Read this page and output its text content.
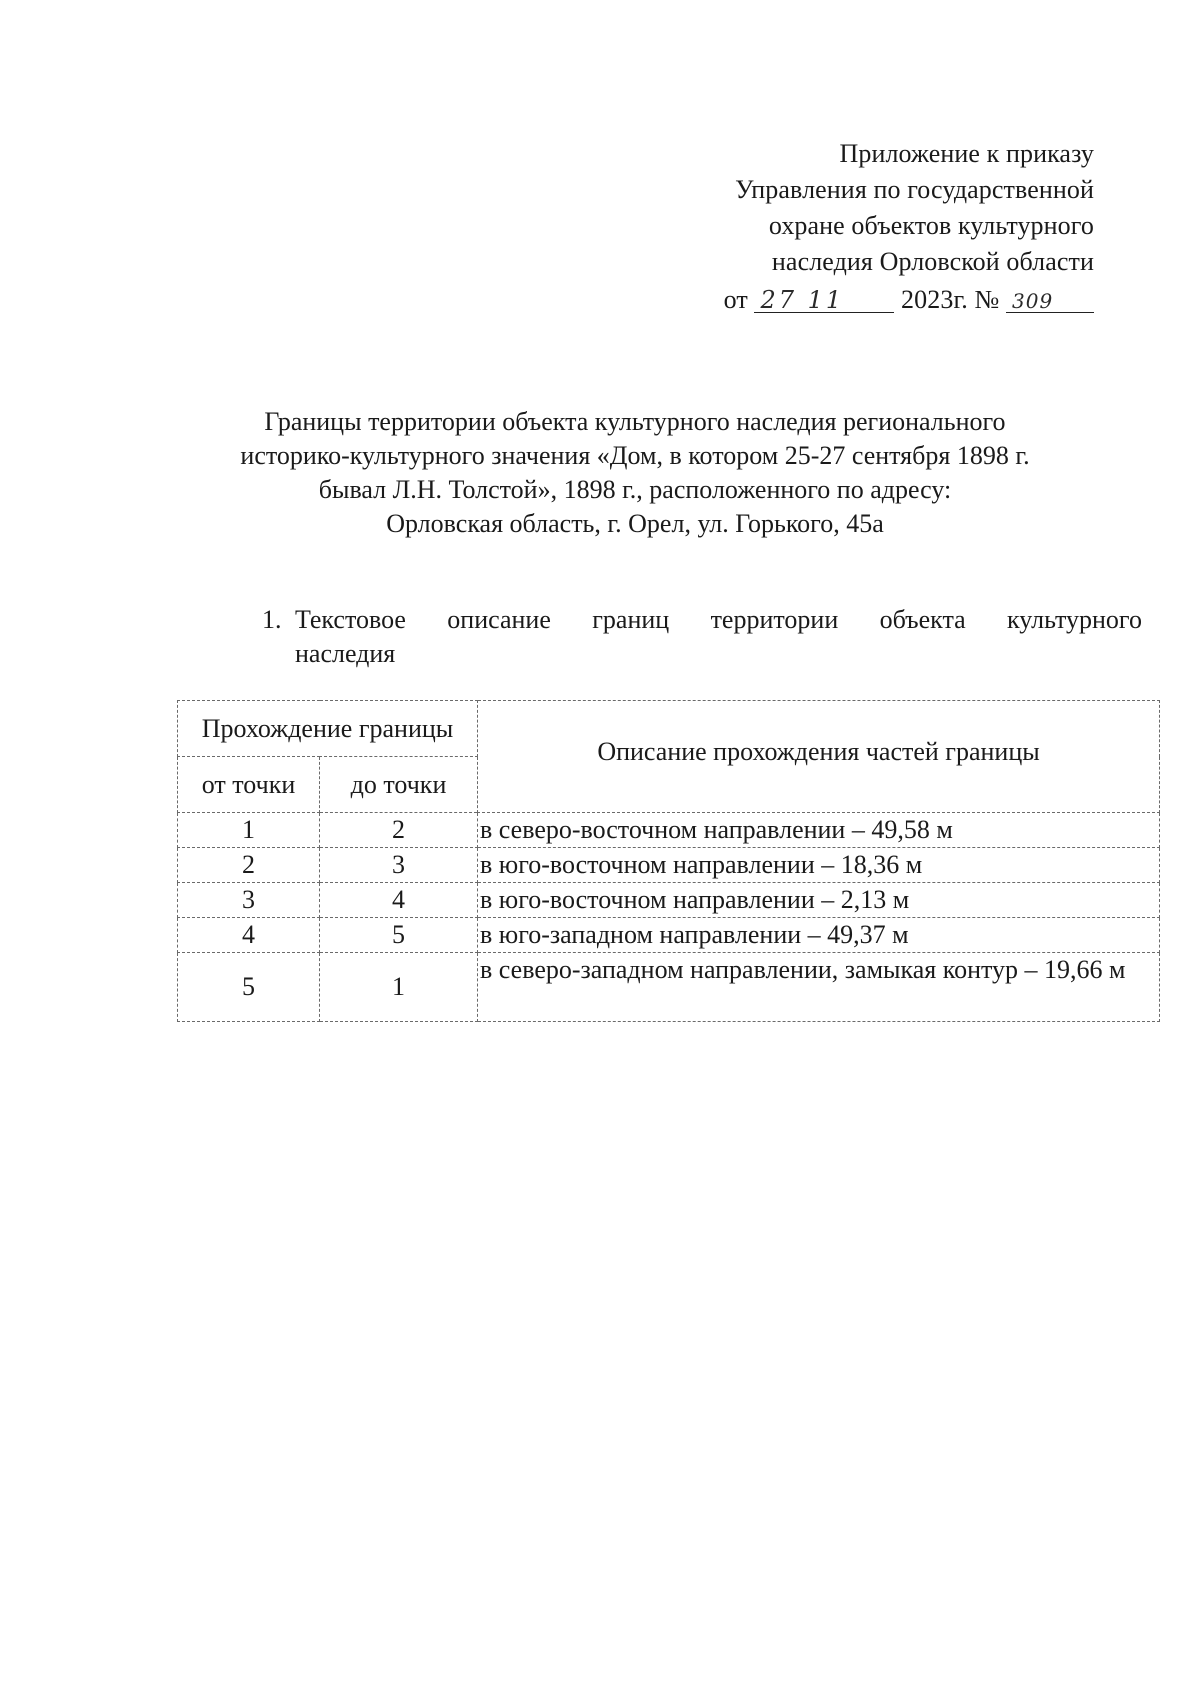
Приложение к приказу
Управления по государственной
охране объектов культурного
наследия Орловской области
от 27 11 2023г. № 309
Границы территории объекта культурного наследия регионального
историко-культурного значения «Дом, в котором 25-27 сентября 1898 г.
бывал Л.Н. Толстой», 1898 г., расположенного по адресу:
Орловская область, г. Орел, ул. Горького, 45а
1. Текстовое описание границ территории объекта культурного
наследия
Прохождение границы		Описание прохождения частей границы
от точки	до точки	
1	2	в северо-восточном направлении – 49,58 м
2	3	в юго-восточном направлении – 18,36 м
3	4	в юго-восточном направлении – 2,13 м
4	5	в юго-западном направлении – 49,37 м
5	1	в северо-западном направлении, замыкая контур – 19,66 м
